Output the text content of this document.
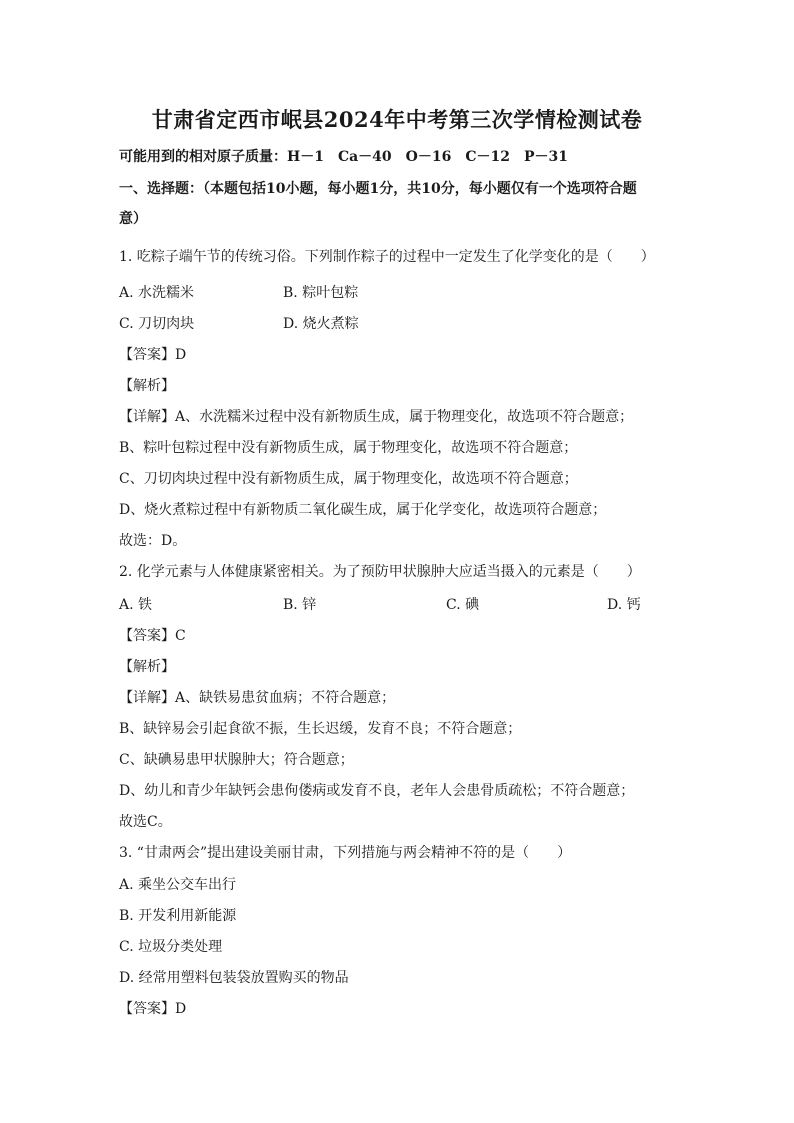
甘肃省定西市岷县2024年中考第三次学情检测试卷
可能用到的相对原子质量：H－1　Ca－40　O－16　C－12　P－31
一、选择题：（本题包括10小题，每小题1分，共10分，每小题仅有一个选项符合题
意）
1. 吃粽子端午节的传统习俗。下列制作粽子的过程中一定发生了化学变化的是（　　）
A. 水洗糯米	B. 粽叶包粽
C. 刀切肉块	D. 烧火煮粽
【答案】D
【解析】
【详解】A、水洗糯米过程中没有新物质生成，属于物理变化，故选项不符合题意；
B、粽叶包粽过程中没有新物质生成，属于物理变化，故选项不符合题意；
C、刀切肉块过程中没有新物质生成，属于物理变化，故选项不符合题意；
D、烧火煮粽过程中有新物质二氧化碳生成，属于化学变化，故选项符合题意；
故选：D。
2. 化学元素与人体健康紧密相关。为了预防甲状腺肿大应适当摄入的元素是（　　）
A. 铁	B. 锌	C. 碘	D. 钙
【答案】C
【解析】
【详解】A、缺铁易患贫血病；不符合题意；
B、缺锌易会引起食欲不振，生长迟缓，发育不良；不符合题意；
C、缺碘易患甲状腺肿大；符合题意；
D、幼儿和青少年缺钙会患佝偻病或发育不良，老年人会患骨质疏松；不符合题意；
故选C。
3. “甘肃两会”提出建设美丽甘肃，下列措施与两会精神不符的是（　　）
A. 乘坐公交车出行
B. 开发利用新能源
C. 垃圾分类处理
D. 经常用塑料包装袋放置购买的物品
【答案】D
